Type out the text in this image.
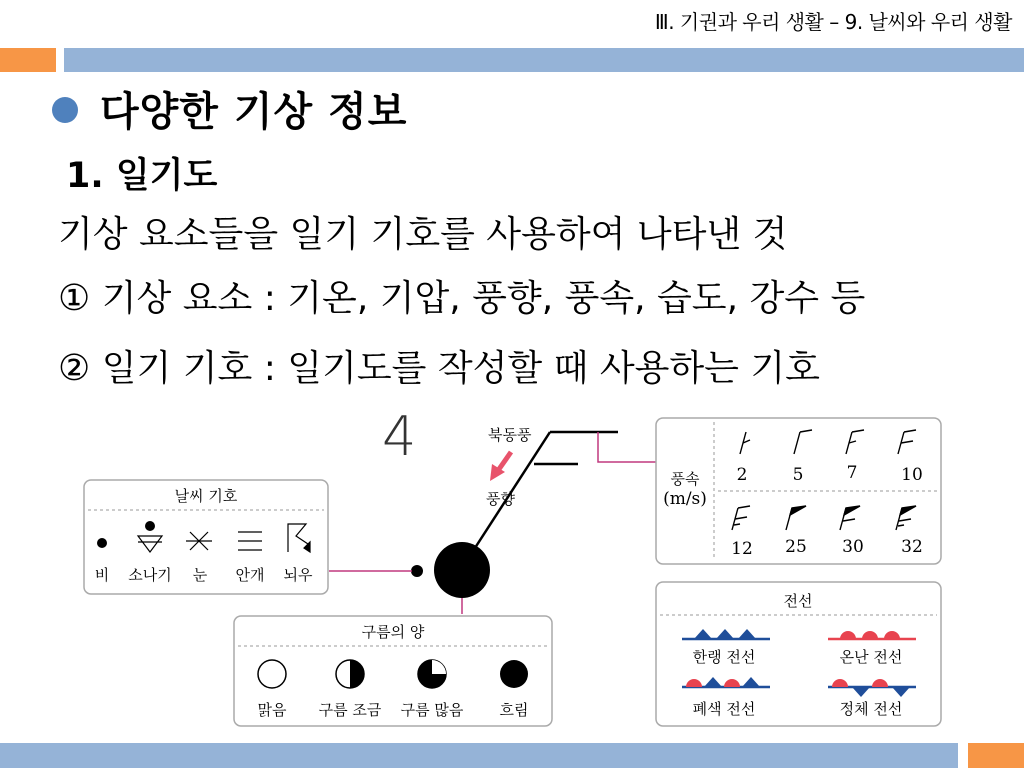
Ⅲ. 기권과 우리 생활 – 9. 날씨와 우리 생활
다양한 기상 정보
1. 일기도
기상 요소들을 일기 기호를 사용하여 나타낸 것
① 기상 요소 : 기온, 기압, 풍향, 풍속, 습도, 강수 등
② 일기 기호 : 일기도를 작성할 때 사용하는 기호
4	북동풍
풍향
날씨 기호
비 소나기 눈 안개 뇌우
구름의 양
맑음 구름 조금 구름 많음 흐림
풍속
(m/s)
2	5	7	10
12 25 30 32
전선
한랭 전선	온난 전선
폐색 전선	정체 전선
